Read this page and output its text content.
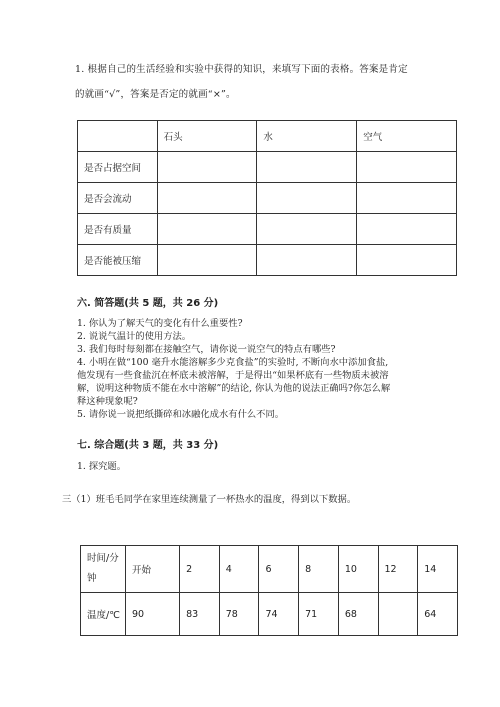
1. 根据自己的生活经验和实验中获得的知识，来填写下面的表格。答案是肯定
的就画“√”，答案是否定的就画“×”。
	石头	水	空气
是否占据空间			
是否会流动			
是否有质量			
是否能被压缩			
六. 简答题(共 5 题，共 26 分)
1. 你认为了解天气的变化有什么重要性?
2. 说说气温计的使用方法。
3. 我们每时每刻都在接触空气，请你说一说空气的特点有哪些?
4. 小明在做“100 毫升水能溶解多少克食盐”的实验时, 不断向水中添加食盐,
他发现有一些食盐沉在杯底未被溶解，于是得出“如果杯底有一些物质未被溶
解，说明这种物质不能在水中溶解”的结论, 你认为他的说法正确吗?你怎么解
释这种现象呢?
5. 请你说一说把纸撕碎和冰融化成水有什么不同。
七. 综合题(共 3 题，共 33 分)
1. 探究题。
三（1）班毛毛同学在家里连续测量了一杯热水的温度，得到以下数据。
时间/分
钟	开始	2	4	6	8	10	12	14
温度/℃	90	83	78	74	71	68		64
